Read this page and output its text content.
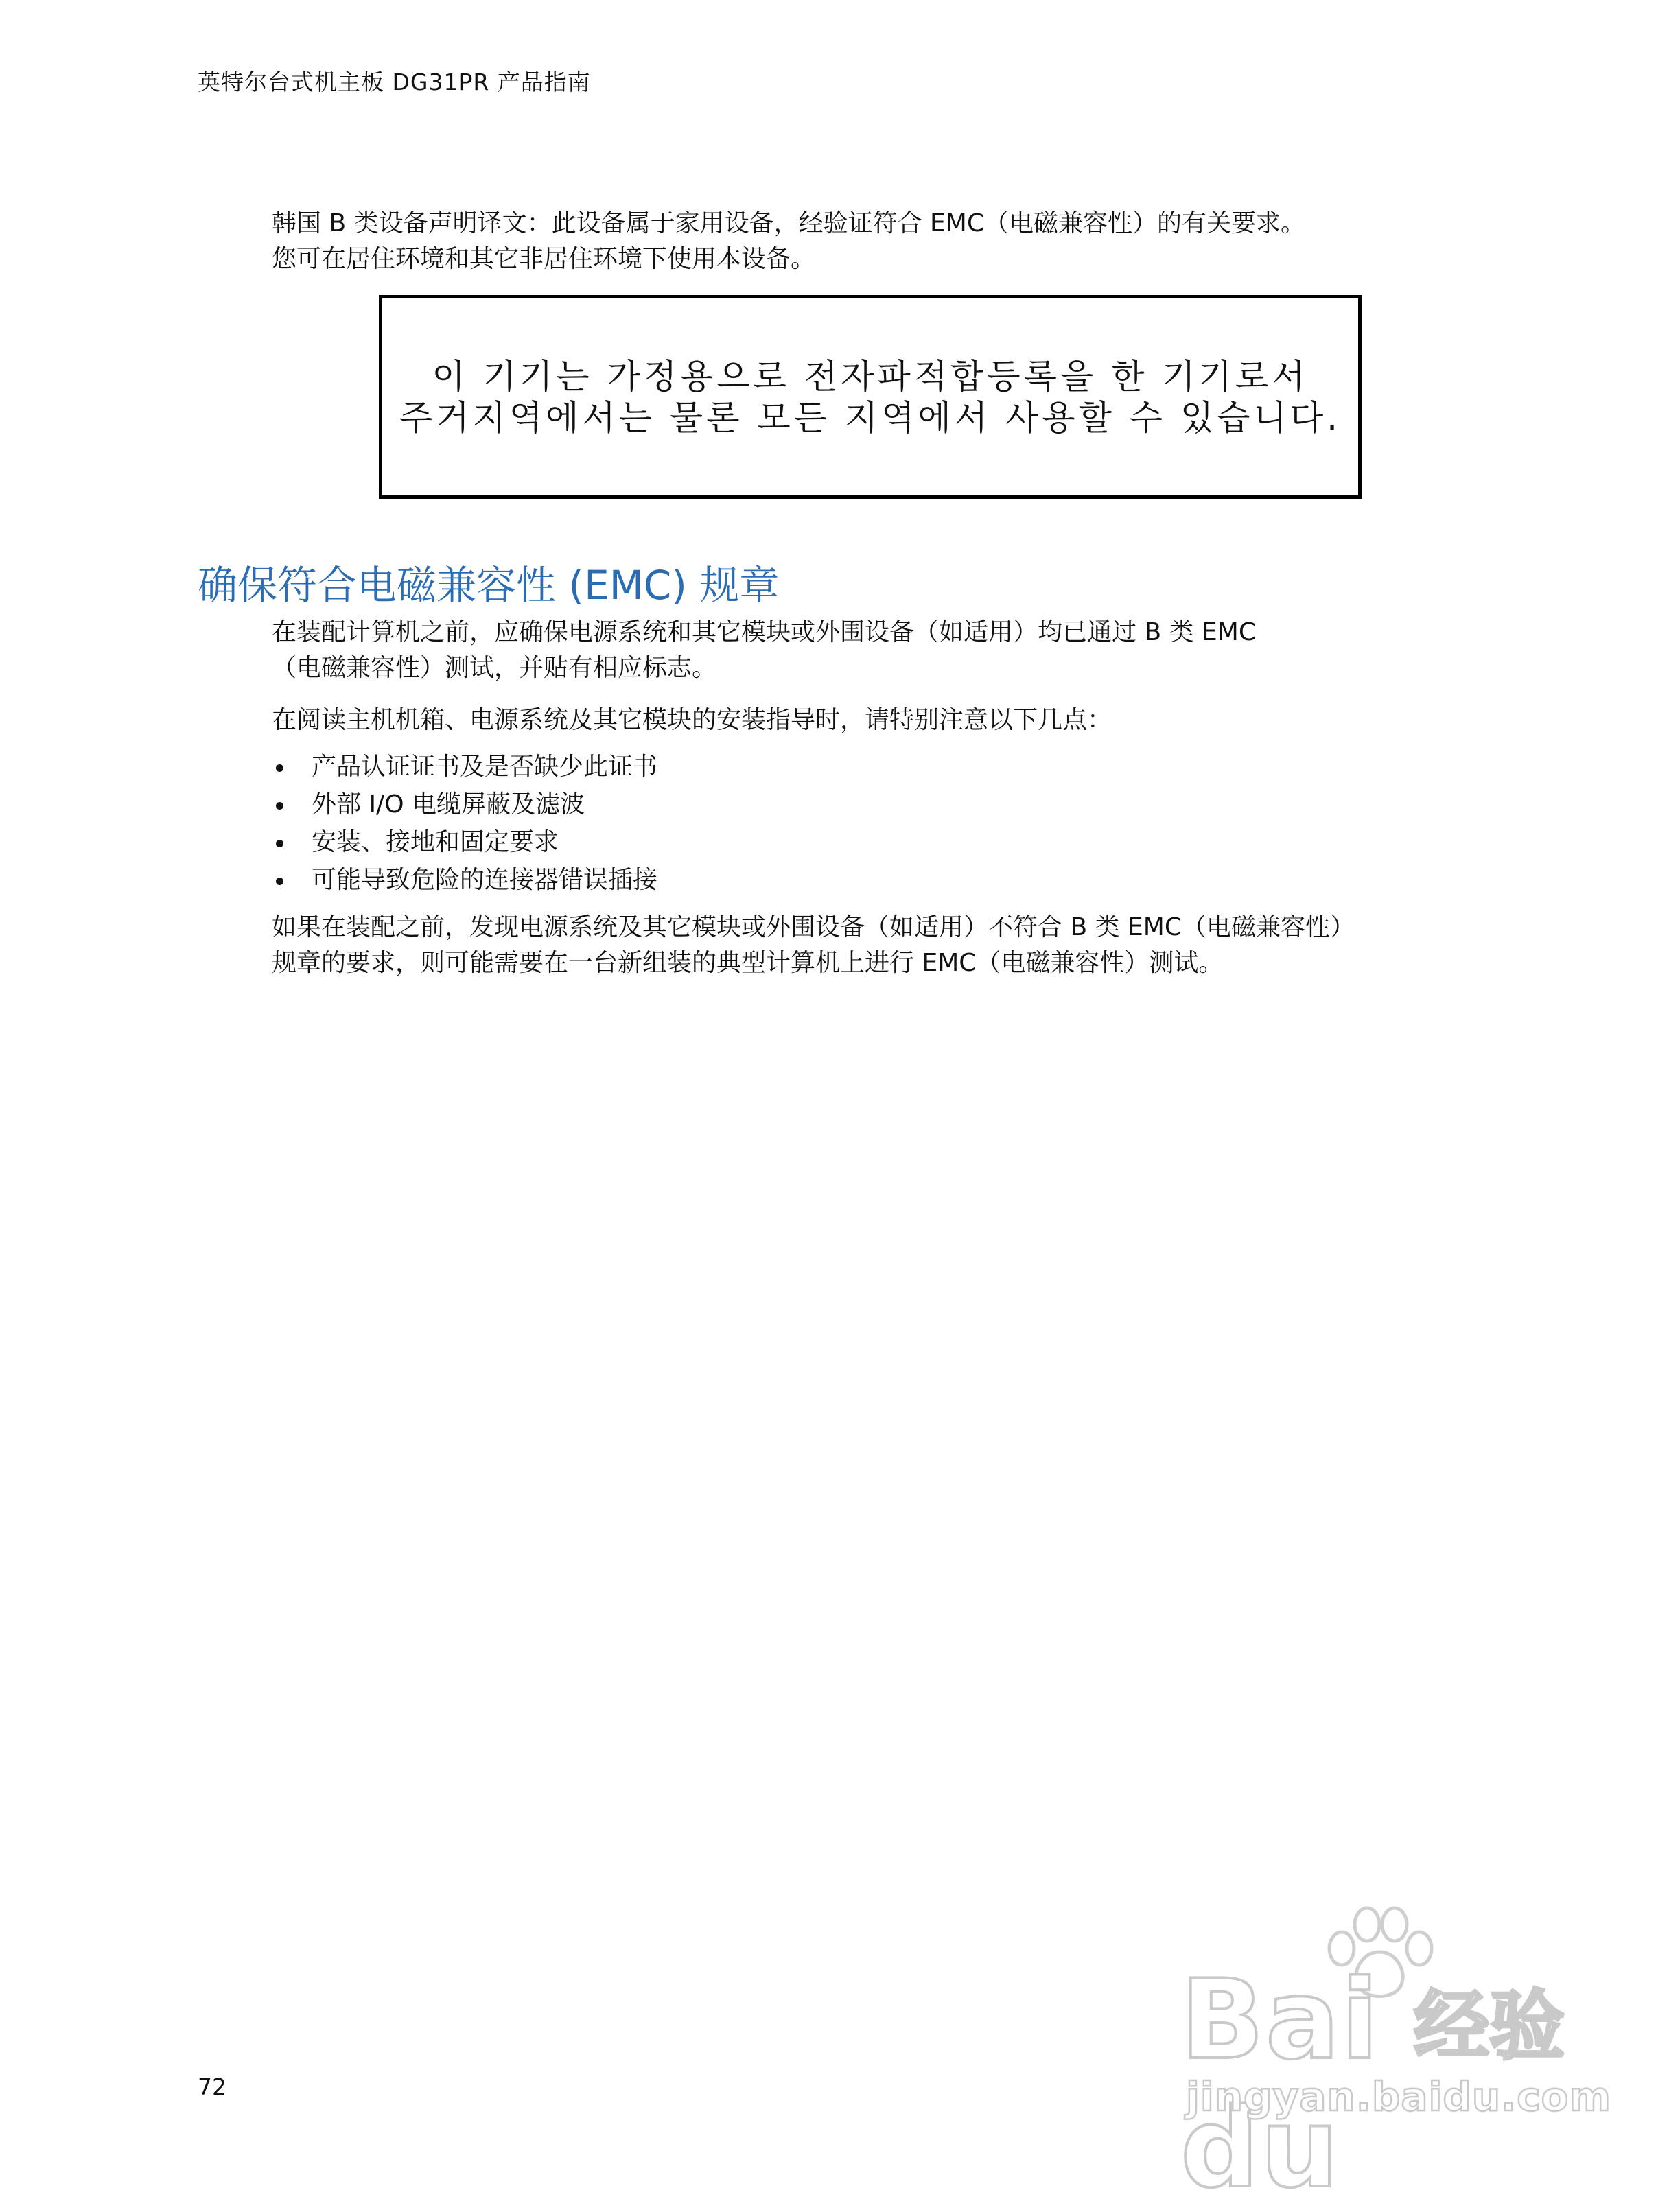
英特尔台式机主板 DG31PR 产品指南

韩国 B 类设备声明译文：此设备属于家用设备，经验证符合 EMC（电磁兼容性）的有关要求。

您可在居住环境和其它非居住环境下使用本设备。

이 기기는 가정용으로 전자파적합등록을 한 기기로서
주거지역에서는 물론 모든 지역에서 사용할 수 있습니다.
确保符合电磁兼容性 (EMC) 规章

在装配计算机之前，应确保电源系统和其它模块或外围设备（如适用）均已通过 B 类 EMC

（电磁兼容性）测试，并贴有相应标志。

在阅读主机机箱、电源系统及其它模块的安装指导时，请特别注意以下几点：

产品认证证书及是否缺少此证书
外部 I/O 电缆屏蔽及滤波
安装、接地和固定要求
可能导致危险的连接器错误插接

如果在装配之前，发现电源系统及其它模块或外围设备（如适用）不符合 B 类 EMC（电磁兼容性）

规章的要求，则可能需要在一台新组装的典型计算机上进行 EMC（电磁兼容性）测试。

Bai du
经验
jingyan.baidu.com
72
